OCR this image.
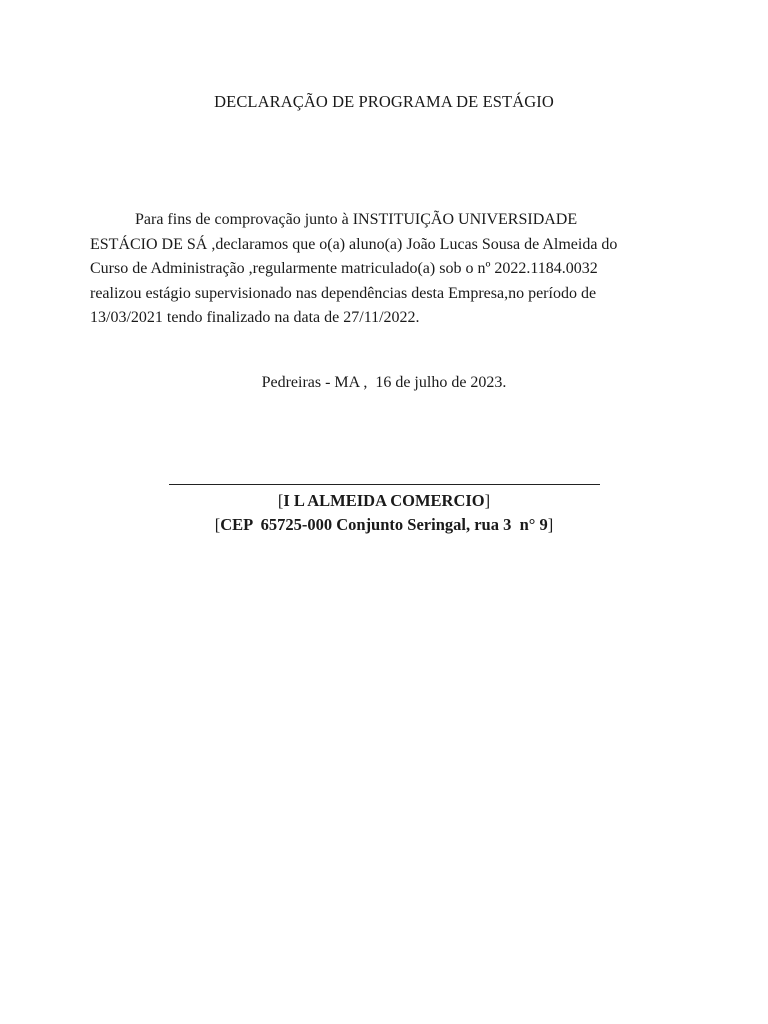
DECLARAÇÃO DE PROGRAMA DE ESTÁGIO
Para fins de comprovação junto à INSTITUIÇÃO UNIVERSIDADE
ESTÁCIO DE SÁ ,declaramos que o(a) aluno(a) João Lucas Sousa de Almeida do
Curso de Administração ,regularmente matriculado(a) sob o nº 2022.1184.0032
realizou estágio supervisionado nas dependências desta Empresa,no período de
13/03/2021 tendo finalizado na data de 27/11/2022.
Pedreiras - MA ,  16 de julho de 2023.
[I L ALMEIDA COMERCIO]
[CEP  65725-000 Conjunto Seringal, rua 3  n° 9]
